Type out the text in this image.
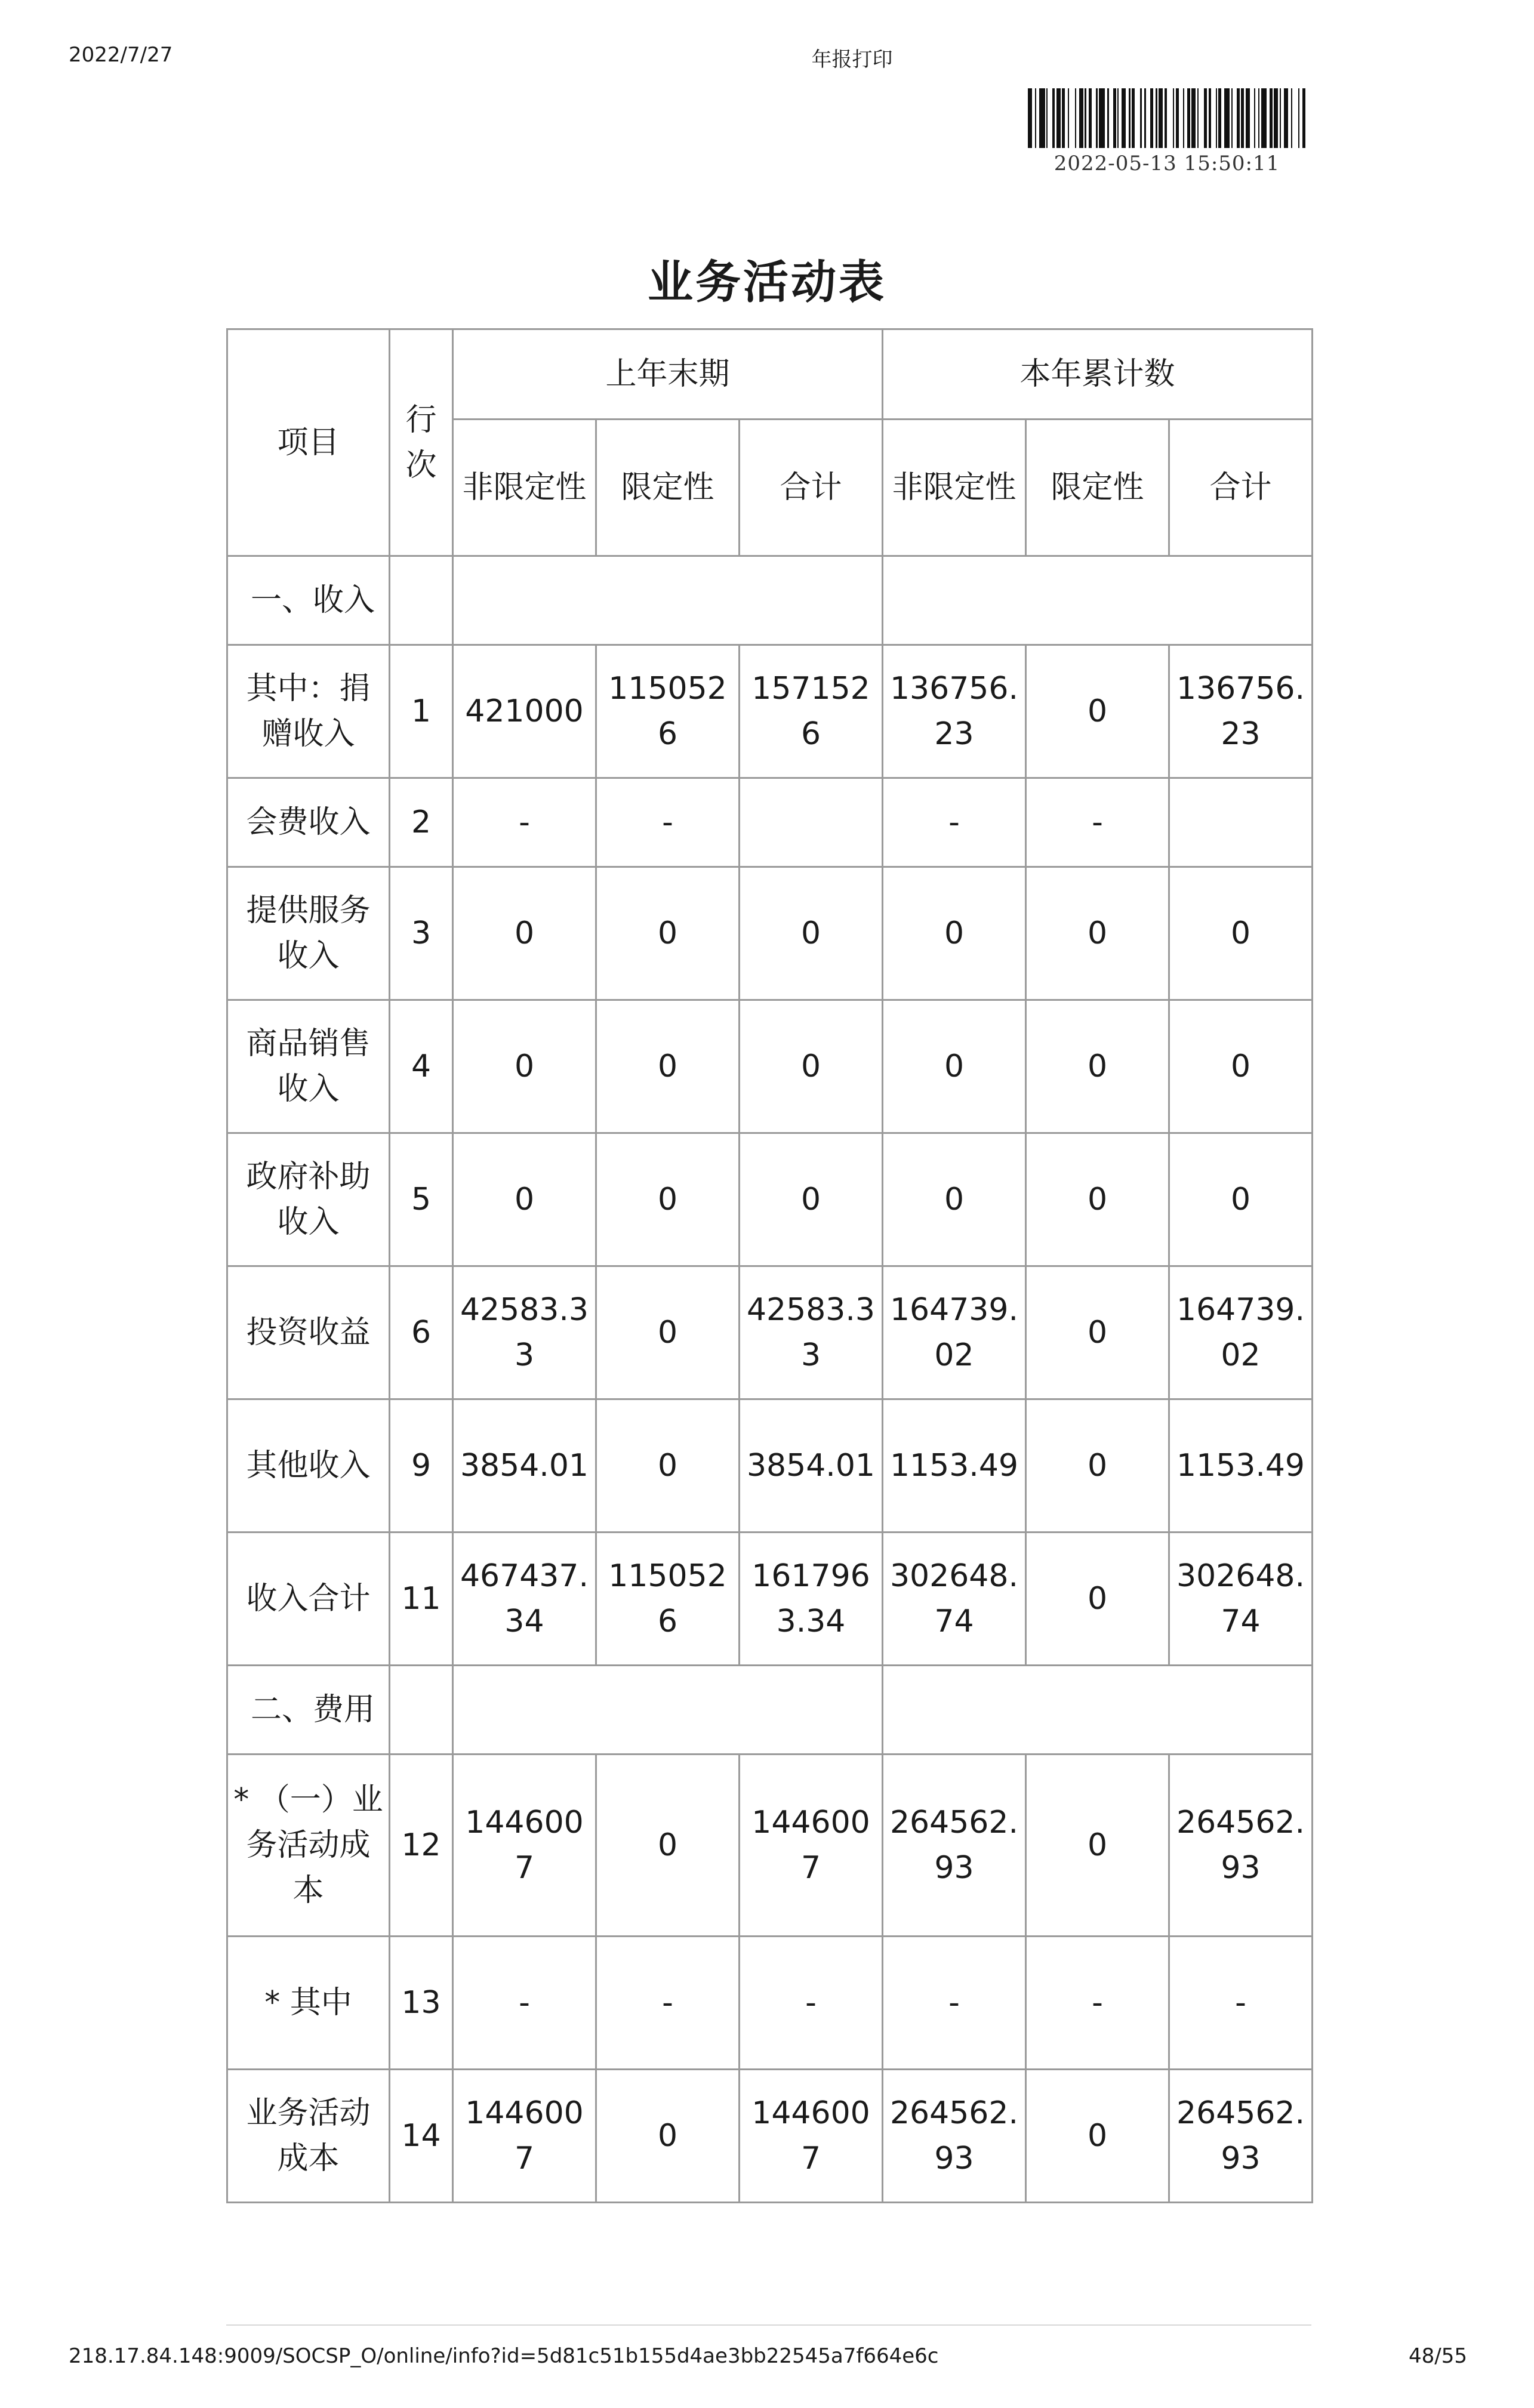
2022/7/27	年报打印
2022-05-13 15:50:11
业务活动表
项目	行次	上年末期			本年累计数		
		非限定性	限定性	合计	非限定性	限定性	合计
一、收入							
其中：捐赠收入	1	421000	1150526	1571526	136756.23	0	136756.23
会费收入	2	-	-		-	-	
提供服务收入	3	0	0	0	0	0	0
商品销售收入	4	0	0	0	0	0	0
政府补助收入	5	0	0	0	0	0	0
投资收益	6	42583.33	0	42583.33	164739.02	0	164739.02
其他收入	9	3854.01	0	3854.01	1153.49	0	1153.49
收入合计	11	467437.34	1150526	1617963.34	302648.74	0	302648.74
二、费用							
* （一）业务活动成本	12	1446007	0	1446007	264562.93	0	264562.93
* 其中	13	-	-	-	-	-	-
业务活动成本	14	1446007	0	1446007	264562.93	0	264562.93
218.17.84.148:9009/SOCSP_O/online/info?id=5d81c51b155d4ae3bb22545a7f664e6c	48/55
